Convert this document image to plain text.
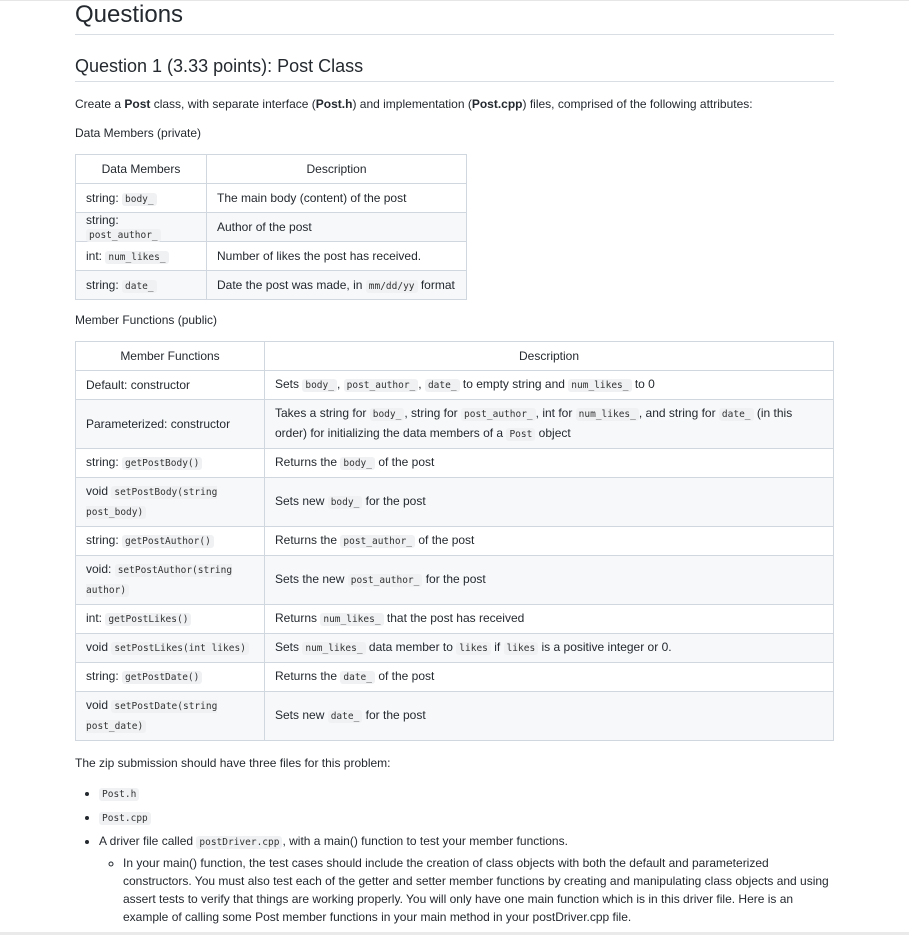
Questions
Question 1 (3.33 points): Post Class

Create a Post class, with separate interface (Post.h) and implementation (Post.cpp) files, comprised of the following attributes:

Data Members (private)

Data Members	Description
string: body_	The main body (content) of the post
string: post_author_	Author of the post
int: num_likes_	Number of likes the post has received.
string: date_	Date the post was made, in mm/dd/yy format

Member Functions (public)

Member Functions	Description
Default: constructor	Sets body_ , post_author_ , date_ to empty string and num_likes_ to 0
Parameterized: constructor	Takes a string for body_ , string for post_author_ , int for num_likes_ , and string for date_ (in this order) for initializing the data members of a Post object
string: getPostBody()	Returns the body_ of the post
void setPostBody(string post_body)	Sets new body_ for the post
string: getPostAuthor()	Returns the post_author_ of the post
void: setPostAuthor(string author)	Sets the new post_author_ for the post
int: getPostLikes()	Returns num_likes_ that the post has received
void setPostLikes(int likes)	Sets num_likes_ data member to likes if likes is a positive integer or 0.
string: getPostDate()	Returns the date_ of the post
void setPostDate(string post_date)	Sets new date_ for the post

The zip submission should have three files for this problem:

• Post.h
• Post.cpp
• A driver file called postDriver.cpp , with a main() function to test your member functions.
◦ In your main() function, the test cases should include the creation of class objects with both the default and parameterized constructors. You must also test each of the getter and setter member functions by creating and manipulating class objects and using assert tests to verify that things are working properly. You will only have one main function which is in this driver file. Here is an example of calling some Post member functions in your main method in your postDriver.cpp file.
